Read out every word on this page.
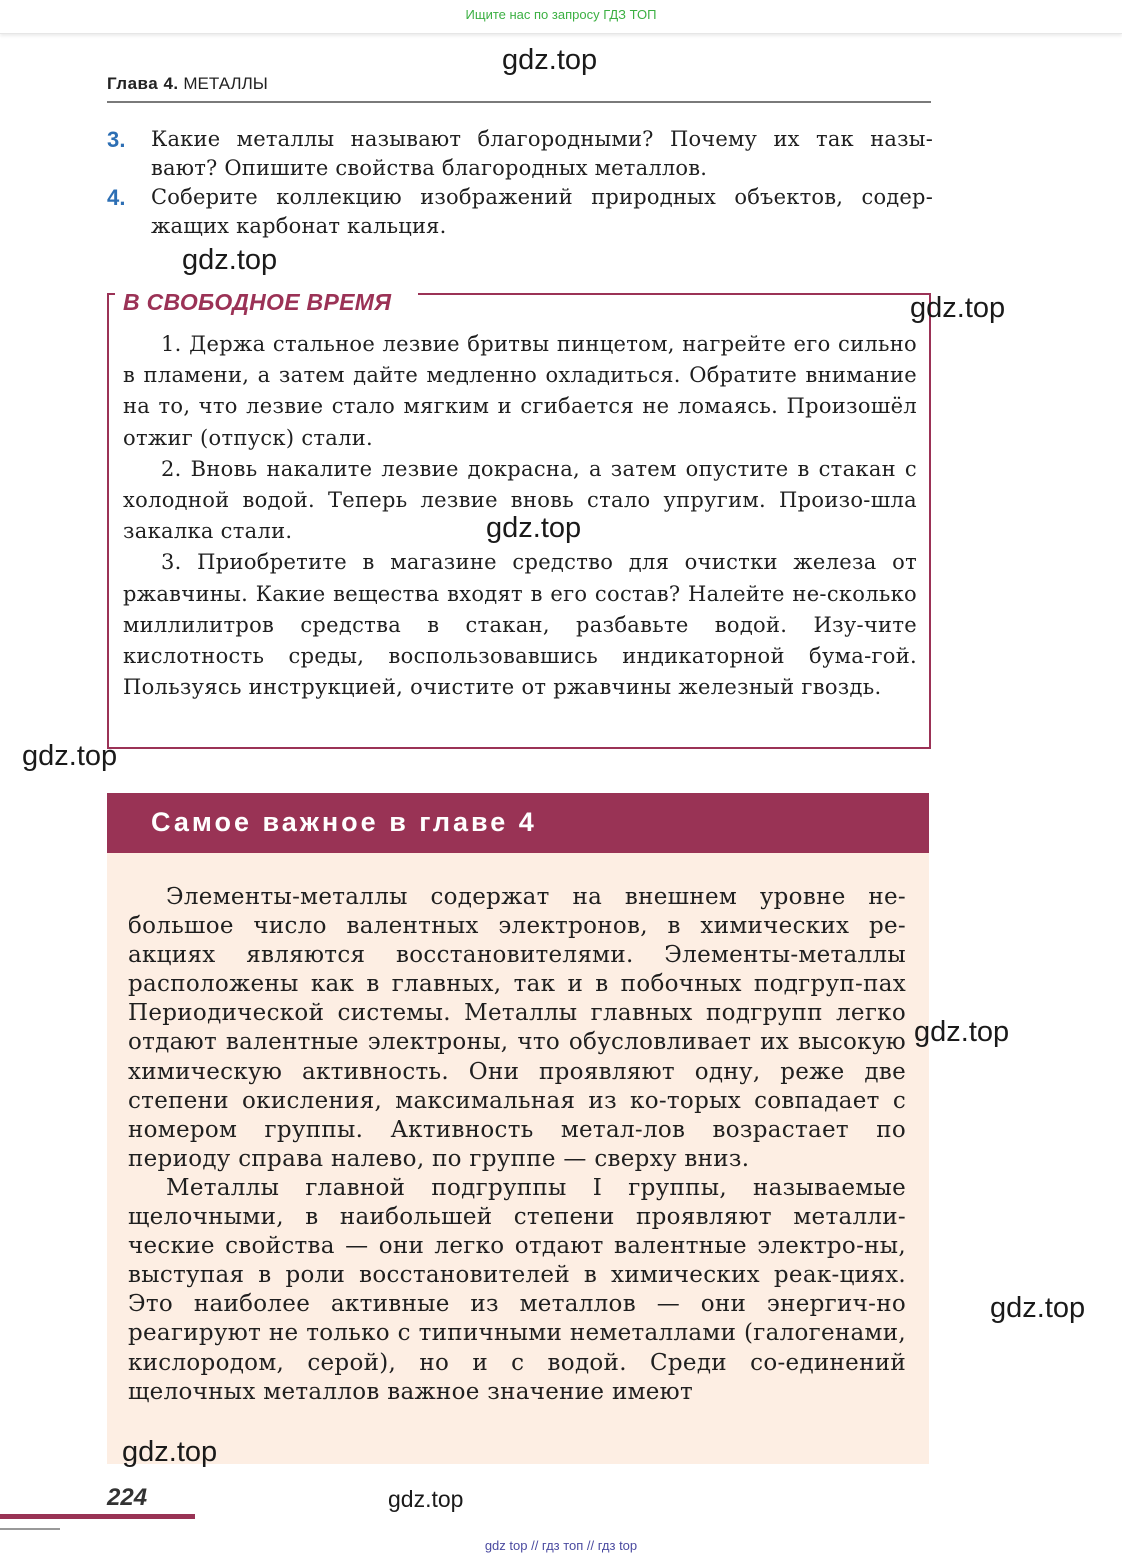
Ищите нас по запросу ГДЗ ТОП
Глава 4. МЕТАЛЛЫ
3. Какие металлы называют благородными? Почему их так назы-вают? Опишите свойства благородных металлов.
4. Соберите коллекцию изображений природных объектов, содер-жащих карбонат кальция.
В СВОБОДНОЕ ВРЕМЯ

1. Держа стальное лезвие бритвы пинцетом, нагрейте его сильно в пламени, а затем дайте медленно охладиться. Обратите внимание на то, что лезвие стало мягким и сгибается не ломаясь. Произошёл отжиг (отпуск) стали.

2. Вновь накалите лезвие докрасна, а затем опустите в стакан с холодной водой. Теперь лезвие вновь стало упругим. Произо-шла закалка стали.

3. Приобретите в магазине средство для очистки железа от ржавчины. Какие вещества входят в его состав? Налейте не-сколько миллилитров средства в стакан, разбавьте водой. Изу-чите кислотность среды, воспользовавшись индикаторной бума-гой. Пользуясь инструкцией, очистите от ржавчины железный гвоздь.

Самое важное в главе 4

Элементы-металлы содержат на внешнем уровне не-большое число валентных электронов, в химических ре-акциях являются восстановителями. Элементы-металлы расположены как в главных, так и в побочных подгруп-пах Периодической системы. Металлы главных подгрупп легко отдают валентные электроны, что обусловливает их высокую химическую активность. Они проявляют одну, реже две степени окисления, максимальная из ко-торых совпадает с номером группы. Активность метал-лов возрастает по периоду справа налево, по группе — сверху вниз.

Металлы главной подгруппы I группы, называемые щелочными, в наибольшей степени проявляют металли-ческие свойства — они легко отдают валентные электро-ны, выступая в роли восстановителей в химических реак-циях. Это наиболее активные из металлов — они энергич-но реагируют не только с типичными неметаллами (галогенами, кислородом, серой), но и с водой. Среди со-единений щелочных металлов важное значение имеют

224
gdz top // гдз топ // гдз top
gdz.top
gdz.top
gdz.top
gdz.top
gdz.top
gdz.top
gdz.top
gdz.top
gdz.top
